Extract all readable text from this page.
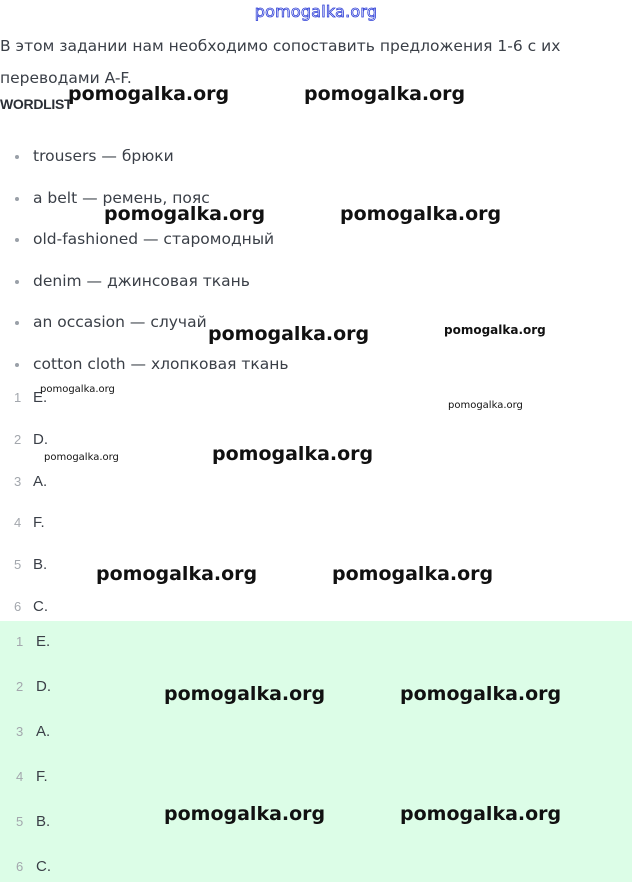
pomogalka.org
В этом задании нам необходимо сопоставить предложения 1-6 с их переводами A-F.
WORDLIST
trousers — брюки
a belt — ремень, пояс
old-fashioned — старомодный
denim — джинсовая ткань
an occasion — случай
cotton cloth — хлопковая ткань
1 E.
2 D.
3 A.
4 F.
5 B.
6 C.
1 E.
2 D.
3 A.
4 F.
5 B.
6 C.
pomogalka.org	pomogalka.org
pomogalka.org	pomogalka.org
pomogalka.org	pomogalka.org
pomogalka.org
pomogalka.org
pomogalka.org
pomogalka.org
pomogalka.org	pomogalka.org
pomogalka.org	pomogalka.org
pomogalka.org	pomogalka.org
